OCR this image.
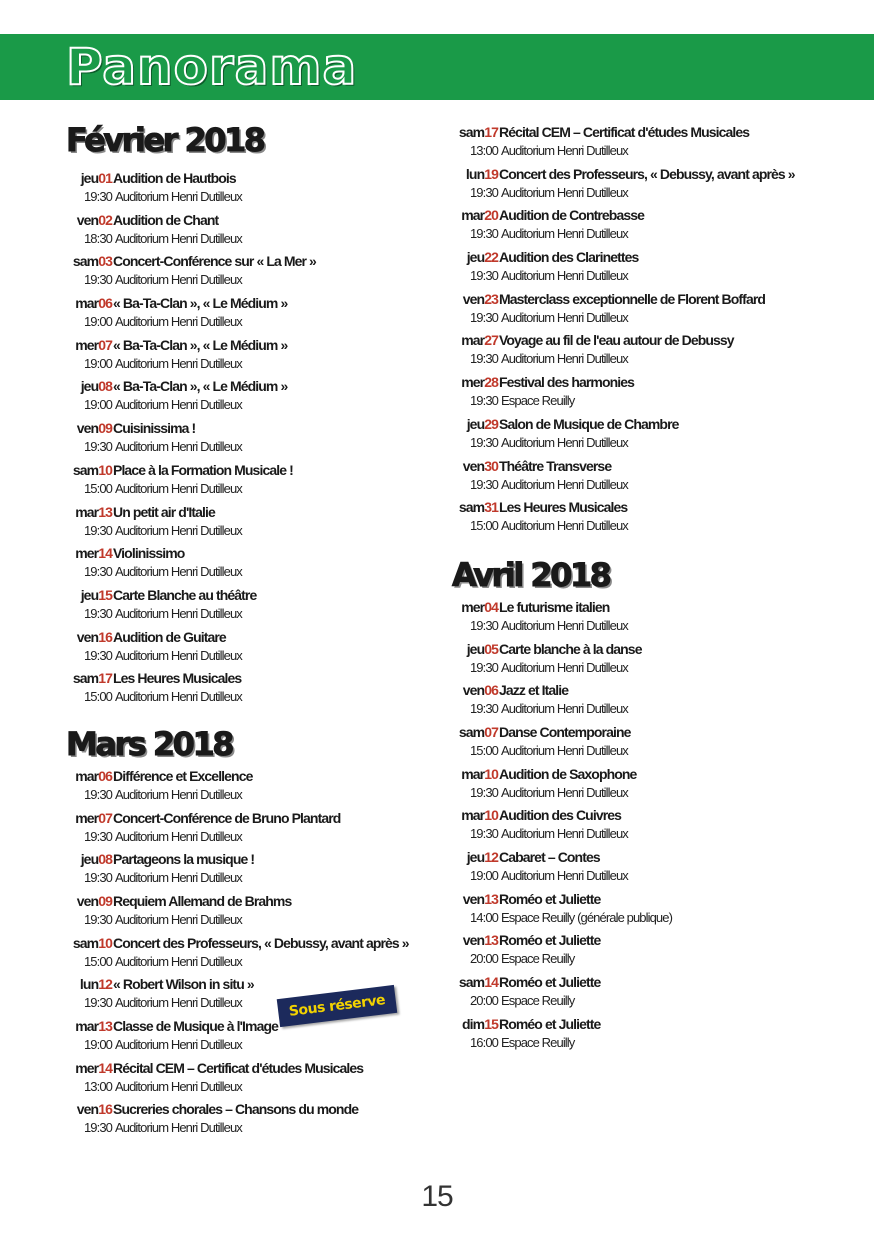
Panorama
Février 2018
jeu01Audition de Hautbois
19:30 Auditorium Henri Dutilleux
ven02Audition de Chant
18:30 Auditorium Henri Dutilleux
sam03Concert-Conférence sur « La Mer »
19:30 Auditorium Henri Dutilleux
mar06« Ba-Ta-Clan », « Le Médium »
19:00 Auditorium Henri Dutilleux
mer07« Ba-Ta-Clan », « Le Médium »
19:00 Auditorium Henri Dutilleux
jeu08« Ba-Ta-Clan », « Le Médium »
19:00 Auditorium Henri Dutilleux
ven09Cuisinissima !
19:30 Auditorium Henri Dutilleux
sam10Place à la Formation Musicale !
15:00 Auditorium Henri Dutilleux
mar13Un petit air d'Italie
19:30 Auditorium Henri Dutilleux
mer14Violinissimo
19:30 Auditorium Henri Dutilleux
jeu15Carte Blanche au théâtre
19:30 Auditorium Henri Dutilleux
ven16Audition de Guitare
19:30 Auditorium Henri Dutilleux
sam17Les Heures Musicales
15:00 Auditorium Henri Dutilleux
Mars 2018
mar06Différence et Excellence
19:30 Auditorium Henri Dutilleux
mer07Concert-Conférence de Bruno Plantard
19:30 Auditorium Henri Dutilleux
jeu08Partageons la musique !
19:30 Auditorium Henri Dutilleux
ven09Requiem Allemand de Brahms
19:30 Auditorium Henri Dutilleux
sam10Concert des Professeurs, « Debussy, avant après »
15:00 Auditorium Henri Dutilleux
lun12« Robert Wilson in situ »
19:30 Auditorium Henri Dutilleux
mar13Classe de Musique à l'Image
19:00 Auditorium Henri Dutilleux
mer14Récital CEM – Certificat d'études Musicales
13:00 Auditorium Henri Dutilleux
ven16Sucreries chorales – Chansons du monde
19:30 Auditorium Henri Dutilleux
sam17Récital CEM – Certificat d'études Musicales
13:00 Auditorium Henri Dutilleux
lun19Concert des Professeurs, « Debussy, avant après »
19:30 Auditorium Henri Dutilleux
mar20Audition de Contrebasse
19:30 Auditorium Henri Dutilleux
jeu22Audition des Clarinettes
19:30 Auditorium Henri Dutilleux
ven23Masterclass exceptionnelle de Florent Boffard
19:30 Auditorium Henri Dutilleux
mar27Voyage au fil de l'eau autour de Debussy
19:30 Auditorium Henri Dutilleux
mer28Festival des harmonies
19:30 Espace Reuilly
jeu29Salon de Musique de Chambre
19:30 Auditorium Henri Dutilleux
ven30Théâtre Transverse
19:30 Auditorium Henri Dutilleux
sam31Les Heures Musicales
15:00 Auditorium Henri Dutilleux
Avril 2018
mer04Le futurisme italien
19:30 Auditorium Henri Dutilleux
jeu05Carte blanche à la danse
19:30 Auditorium Henri Dutilleux
ven06Jazz et Italie
19:30 Auditorium Henri Dutilleux
sam07Danse Contemporaine
15:00 Auditorium Henri Dutilleux
mar10Audition de Saxophone
19:30 Auditorium Henri Dutilleux
mar10Audition des Cuivres
19:30 Auditorium Henri Dutilleux
jeu12Cabaret – Contes
19:00 Auditorium Henri Dutilleux
ven13Roméo et Juliette
14:00 Espace Reuilly (générale publique)
ven13Roméo et Juliette
20:00 Espace Reuilly
sam14Roméo et Juliette
20:00 Espace Reuilly
dim15Roméo et Juliette
16:00 Espace Reuilly
Sous réserve
15
